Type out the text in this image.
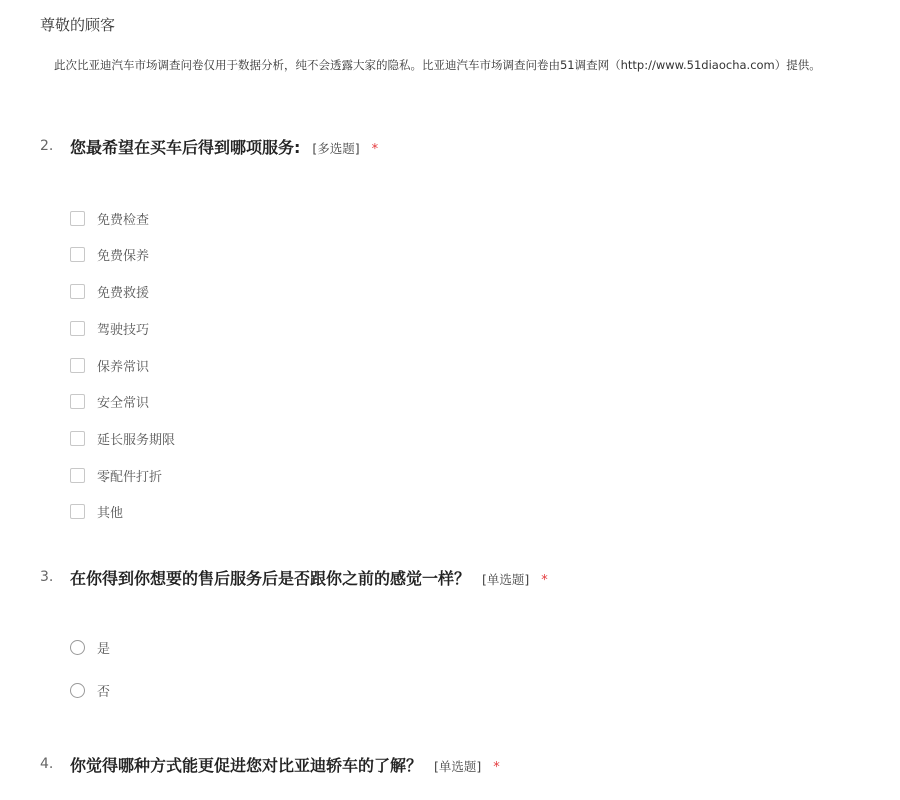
尊敬的顾客
此次比亚迪汽车市场调查问卷仅用于数据分析，纯不会透露大家的隐私。比亚迪汽车市场调查问卷由51调查网（http://www.51diaocha.com）提供。
2. 您最希望在买车后得到哪项服务: [多选题] *
免费检查
免费保养
免费救援
驾驶技巧
保养常识
安全常识
延长服务期限
零配件打折
其他
3. 在你得到你想要的售后服务后是否跟你之前的感觉一样？ [单选题] *
是
否
4. 你觉得哪种方式能更促进您对比亚迪轿车的了解？ [单选题] *
